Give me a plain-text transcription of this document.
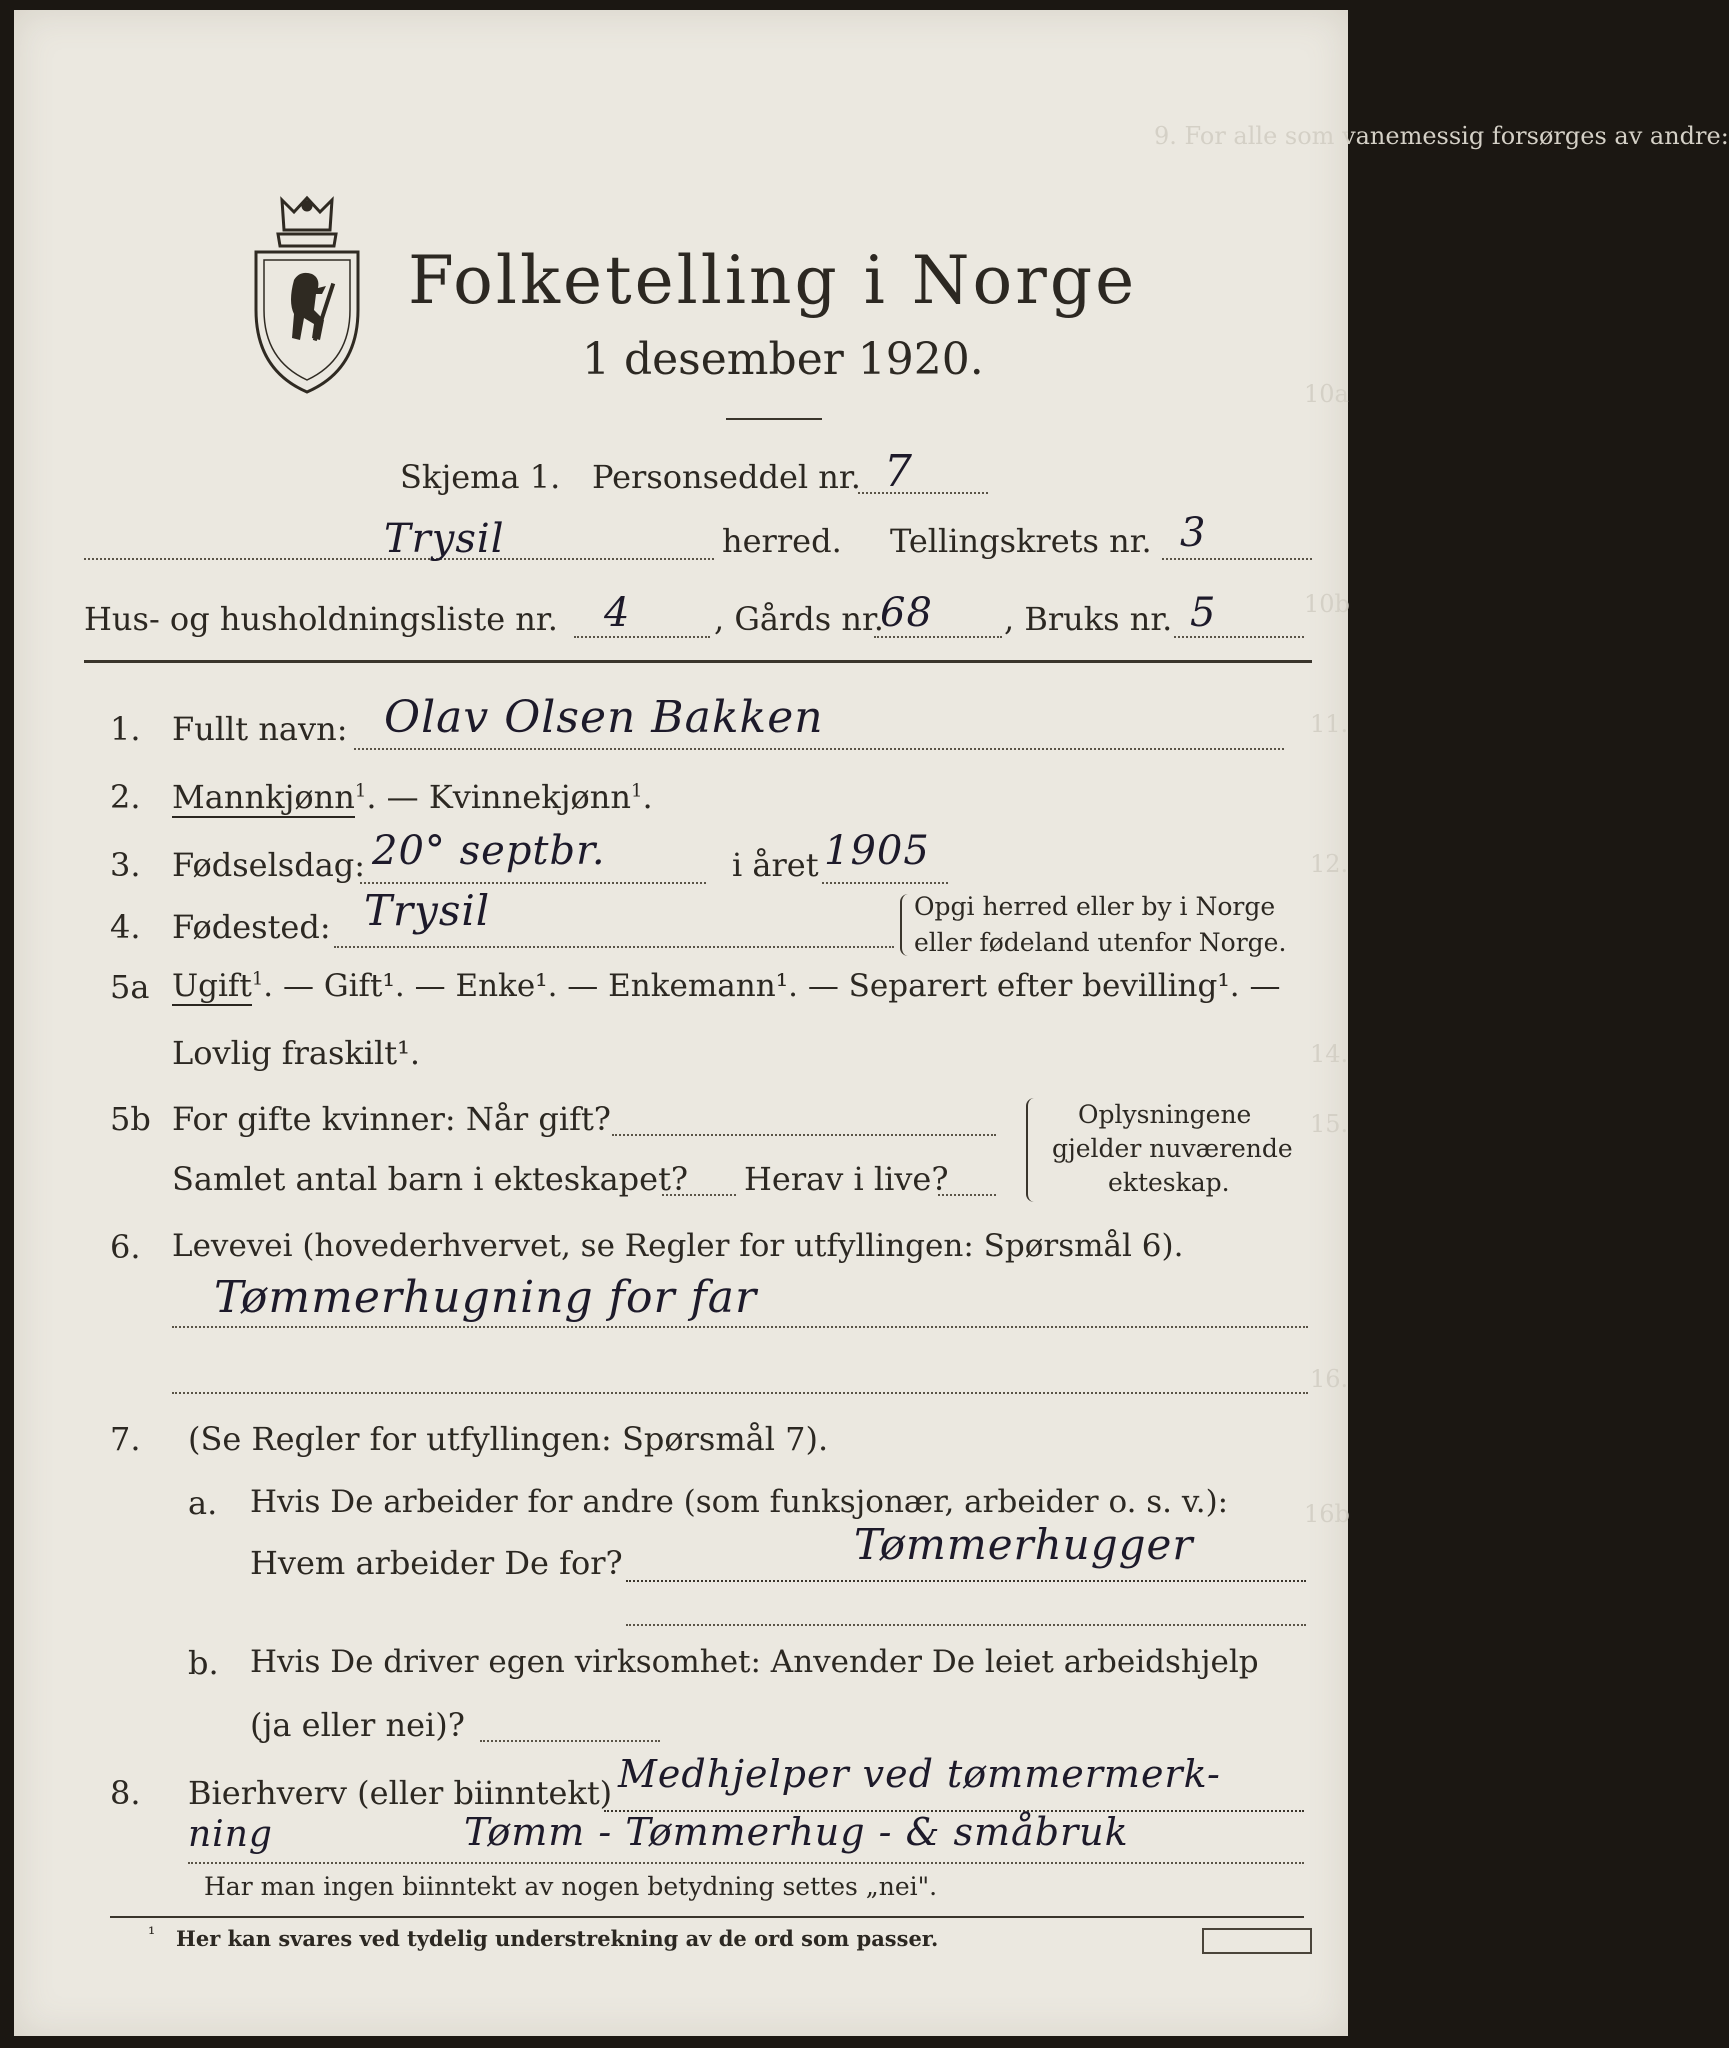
9. For alle som vanemessig forsørges av andre:
10a
10b
11.
12.
14.
15.
16.
16b
Folketelling i Norge
1 desember 1920.
Skjema 1. Personseddel nr. 7
Trysil	herred. Tellingskrets nr. 3
Hus- og husholdningsliste nr. 4	, Gårds nr.
68 , Bruks nr. 5
1. Fullt navn: Olav Olsen Bakken
2. Mannkjønn$^1$. — Kvinnekjønn$^1$.
3. Fødselsdag: 20° septbr.	i året 1905
4. Fødested: Trysil	Opgi herred eller by i Norge
eller fødeland utenfor Norge.
5a Ugift$^1$. — Gift¹. — Enke¹. — Enkemann¹. — Separert efter bevilling¹. —
Lovlig fraskilt¹.
5b For gifte kvinner: Når gift?
Samlet antal barn i ekteskapet? Herav i live?
Oplysningene
gjelder nuværende
ekteskap.
6. Levevei (hovederhvervet, se Regler for utfyllingen: Spørsmål 6).
Tømmerhugning for far
7. (Se Regler for utfyllingen: Spørsmål 7).
a. Hvis De arbeider for andre (som funksjonær, arbeider o. s. v.):
Hvem arbeider De for?	Tømmerhugger
b. Hvis De driver egen virksomhet: Anvender De leiet arbeidshjelp
(ja eller nei)?
8. Bierhverv (eller biinntekt) Medhjelper ved tømmermerk-
ning	Tømm - Tømmerhug - & småbruk
Har man ingen biinntekt av nogen betydning settes „nei".
¹ Her kan svares ved tydelig understrekning av de ord som passer.
